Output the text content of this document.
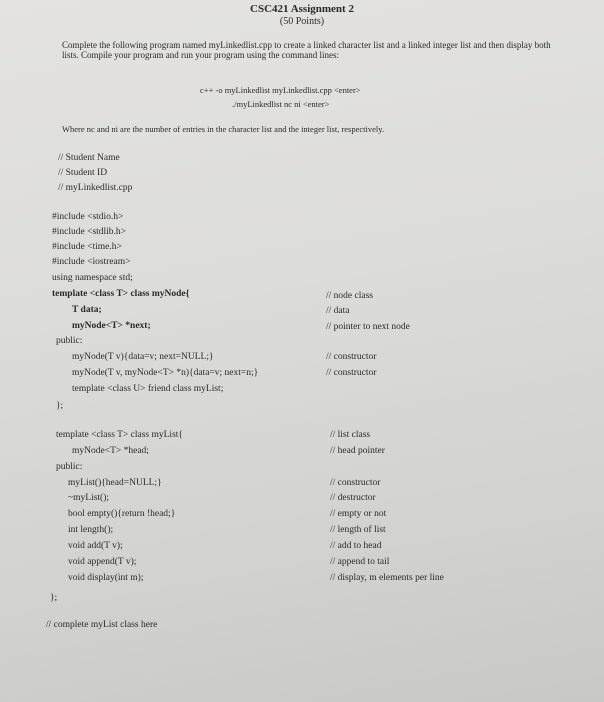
CSC421 Assignment 2
(50 Points)
Complete the following program named myLinkedlist.cpp to create a linked character list and a linked integer list and then display both lists. Compile your program and run your program using the command lines:
c++ -o myLinkedlist myLinkedlist.cpp <enter>
./myLinkedlist nc ni <enter>
Where nc and ni are the number of entries in the character list and the integer list, respectively.
// Student Name
// Student ID
// myLinkedlist.cpp
#include <stdio.h>
#include <stdlib.h>
#include <time.h>
#include <iostream>
using namespace std;
template <class T> class myNode{	// node class
T data;	// data
myNode<T> *next;	// pointer to next node
public:
myNode(T v){data=v; next=NULL;}	// constructor
myNode(T v, myNode<T> *n){data=v; next=n;}	// constructor
template <class U> friend class myList;
};
template <class T> class myList{	// list class
myNode<T> *head;	// head pointer
public:
myList(){head=NULL;}	// constructor
~myList();	// destructor
bool empty(){return !head;}	// empty or not
int length();	// length of list
void add(T v);	// add to head
void append(T v);	// append to tail
void display(int m);	// display, m elements per line
};
// complete myList class here
